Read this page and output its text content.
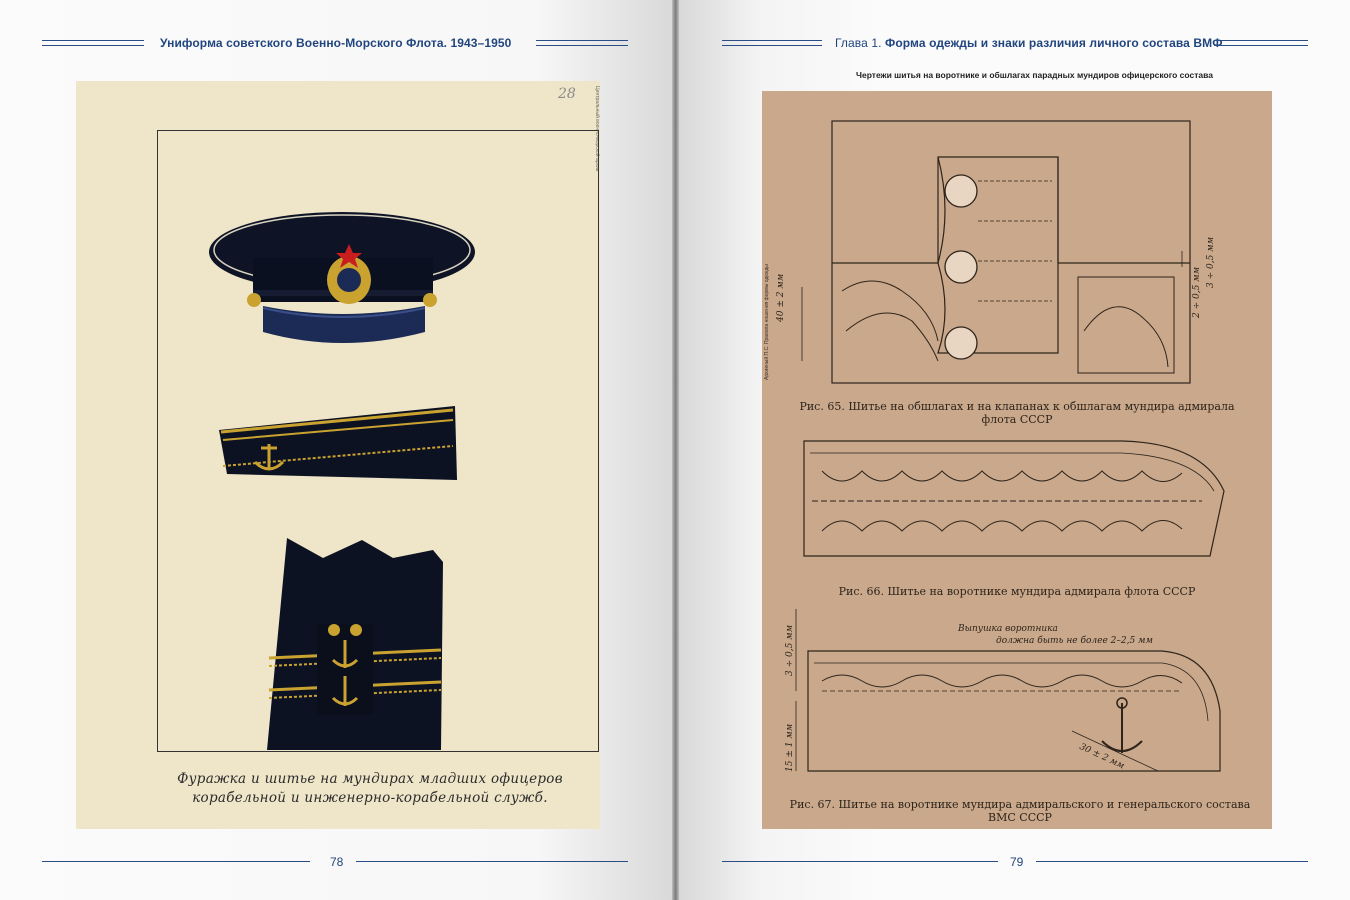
Униформа советского Военно-Морского Флота. 1943–1950
28	Центральный военно-морской архив
Фуражка и шитье на мундирах младших офицеров
корабельной и инженерно-корабельной служб.
78
Глава 1. Форма одежды и знаки различия личного состава ВМФ
Чертежи шитья на воротнике и обшлагах парадных мундиров офицерского состава
Архивный П.С. Правила ношения формы одежды 40 ± 2 мм	2 ÷ 0,5 мм
3 ÷ 0,5 мм
3 ÷ 0,5 мм
15 ± 1 мм	30 ± 2 мм
Выпушка воротника
должна быть не более 2–2,5 мм
Рис. 65. Шитье на обшлагах и на клапанах к обшлагам мундира адмирала
флота СССР
Рис. 66. Шитье на воротнике мундира адмирала флота СССР
Рис. 67. Шитье на воротнике мундира адмиральского и генеральского состава
ВМС СССР
79
